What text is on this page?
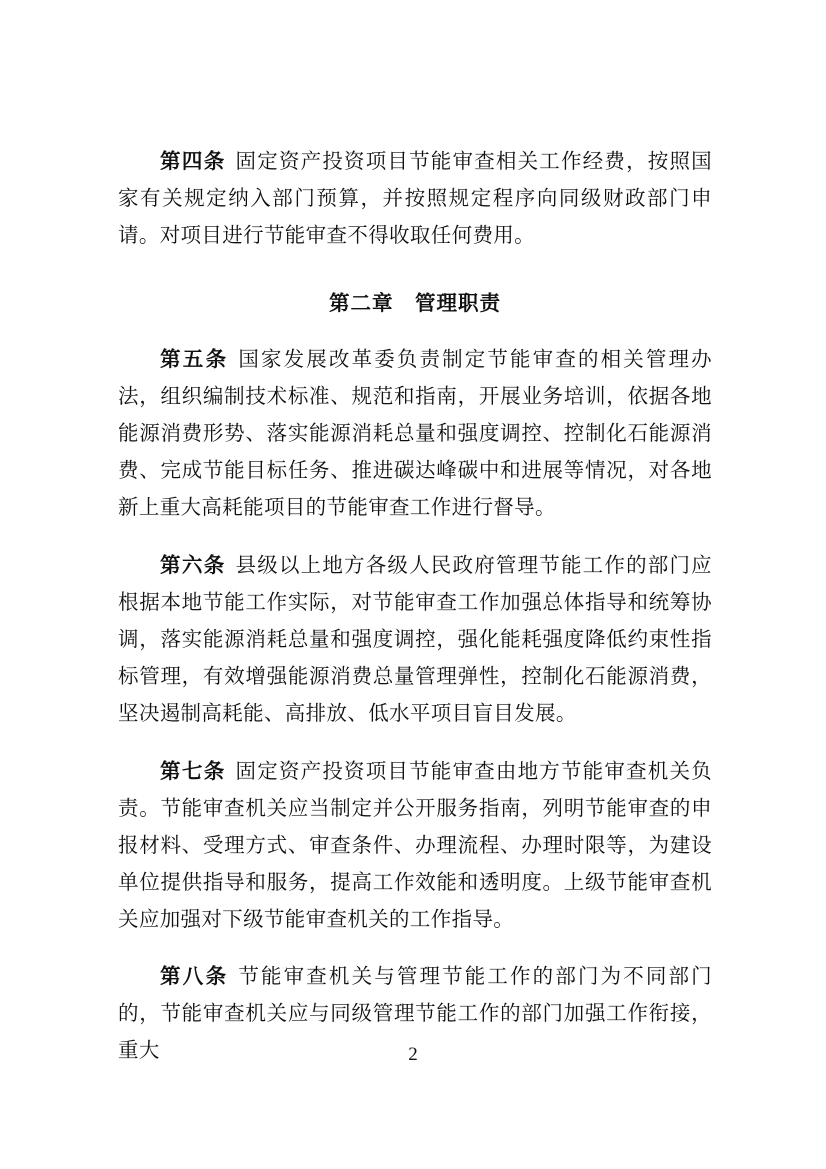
第四条 固定资产投资项目节能审查相关工作经费，按照国家有关规定纳入部门预算，并按照规定程序向同级财政部门申请。对项目进行节能审查不得收取任何费用。

第二章　管理职责

第五条 国家发展改革委负责制定节能审查的相关管理办法，组织编制技术标准、规范和指南，开展业务培训，依据各地能源消费形势、落实能源消耗总量和强度调控、控制化石能源消费、完成节能目标任务、推进碳达峰碳中和进展等情况，对各地新上重大高耗能项目的节能审查工作进行督导。

第六条 县级以上地方各级人民政府管理节能工作的部门应根据本地节能工作实际，对节能审查工作加强总体指导和统筹协调，落实能源消耗总量和强度调控，强化能耗强度降低约束性指标管理，有效增强能源消费总量管理弹性，控制化石能源消费，坚决遏制高耗能、高排放、低水平项目盲目发展。

第七条 固定资产投资项目节能审查由地方节能审查机关负责。节能审查机关应当制定并公开服务指南，列明节能审查的申报材料、受理方式、审查条件、办理流程、办理时限等，为建设单位提供指导和服务，提高工作效能和透明度。上级节能审查机关应加强对下级节能审查机关的工作指导。

第八条 节能审查机关与管理节能工作的部门为不同部门的，节能审查机关应与同级管理节能工作的部门加强工作衔接，重大	2
